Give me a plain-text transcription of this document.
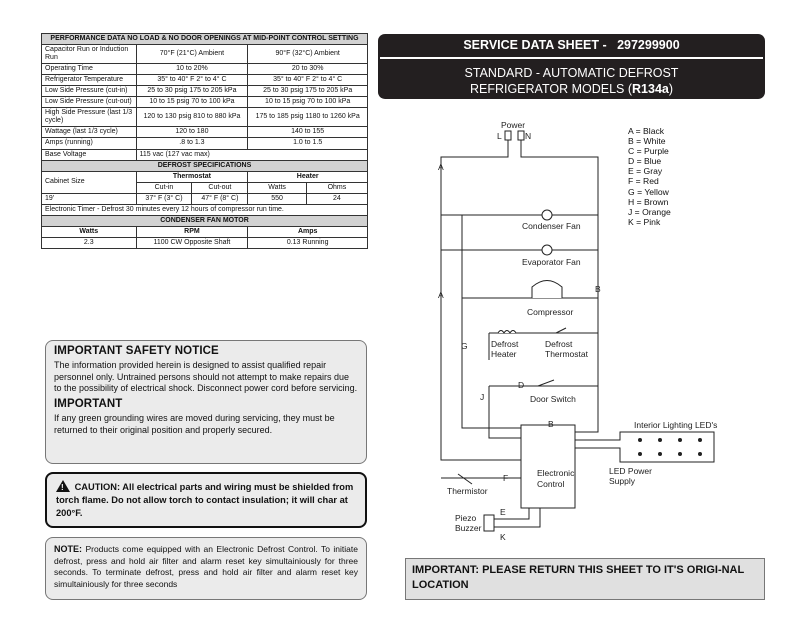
PERFORMANCE DATA NO LOAD & NO DOOR OPENINGS AT MID-POINT CONTROL SETTING				
Capacitor Run or Induction Run	70°F (21°C) Ambient		90°F (32°C) Ambient	
Operating Time	10 to 20%		20 to 30%	
Refrigerator Temperature	35° to 40° F 2° to 4° C		35° to 40° F 2° to 4° C	
Low Side Pressure (cut-in)	25 to 30 psig 175 to 205 kPa		25 to 30 psig 175 to 205 kPa	
Low Side Pressure (cut-out)	10 to 15 psig 70 to 100 kPa		10 to 15 psig 70 to 100 kPa	
High Side Pressure (last 1/3 cycle)	120 to 130 psig 810 to 880 kPa		175 to 185 psig 1180 to 1260 kPa	
Wattage (last 1/3 cycle)	120 to 180		140 to 155	
Amps (running)	.8 to 1.3		1.0 to 1.5	
Base Voltage	115 vac (127 vac max)			
DEFROST SPECIFICATIONS				
Cabinet Size	Thermostat		Heater	
	Cut-in	Cut-out	Watts	Ohms
19'	37° F (3° C)	47° F (8° C)	550	24
Electronic Timer - Defrost 30 minutes every 12 hours of compressor run time.				
CONDENSER FAN MOTOR				
Watts	RPM		Amps	
2.3	1100 CW Opposite Shaft		0.13 Running	
IMPORTANT SAFETY NOTICE

The information provided herein is designed to assist qualified repair personnel only. Untrained persons should not attempt to make repairs due to the possibility of electrical shock. Disconnect power cord before servicing.

IMPORTANT

If any green grounding wires are moved during servicing, they must be returned to their original position and properly secured.

! CAUTION: All electrical parts and wiring must be shielded from torch flame. Do not allow torch to contact insulation; it will char at 200°F.

NOTE: Products come equipped with an Electronic Defrost Control. To initiate defrost, press and hold air filter and alarm reset key simultainiously for three seconds. To terminate defrost, press and hold air filter and alarm reset key simultainiously for three seconds

SERVICE DATA SHEET - 297299900
STANDARD - AUTOMATIC DEFROST
REFRIGERATOR MODELS (R134a)
Power
L	N
Condenser Fan
Evaporator Fan
Compressor
Defrost
Heater
Defrost
Thermostat
Door Switch
Electronic
Control
Thermistor
Piezo
Buzzer
LED Power
Supply
Interior Lighting LED's
A
A
B
B
D
E
F
G
J
K
A = Black
B = White
C = Purple
D = Blue
E = Gray
F = Red
G = Yellow
H = Brown
J = Orange
K = Pink
IMPORTANT: PLEASE RETURN THIS SHEET TO IT'S ORIGI-NAL LOCATION
